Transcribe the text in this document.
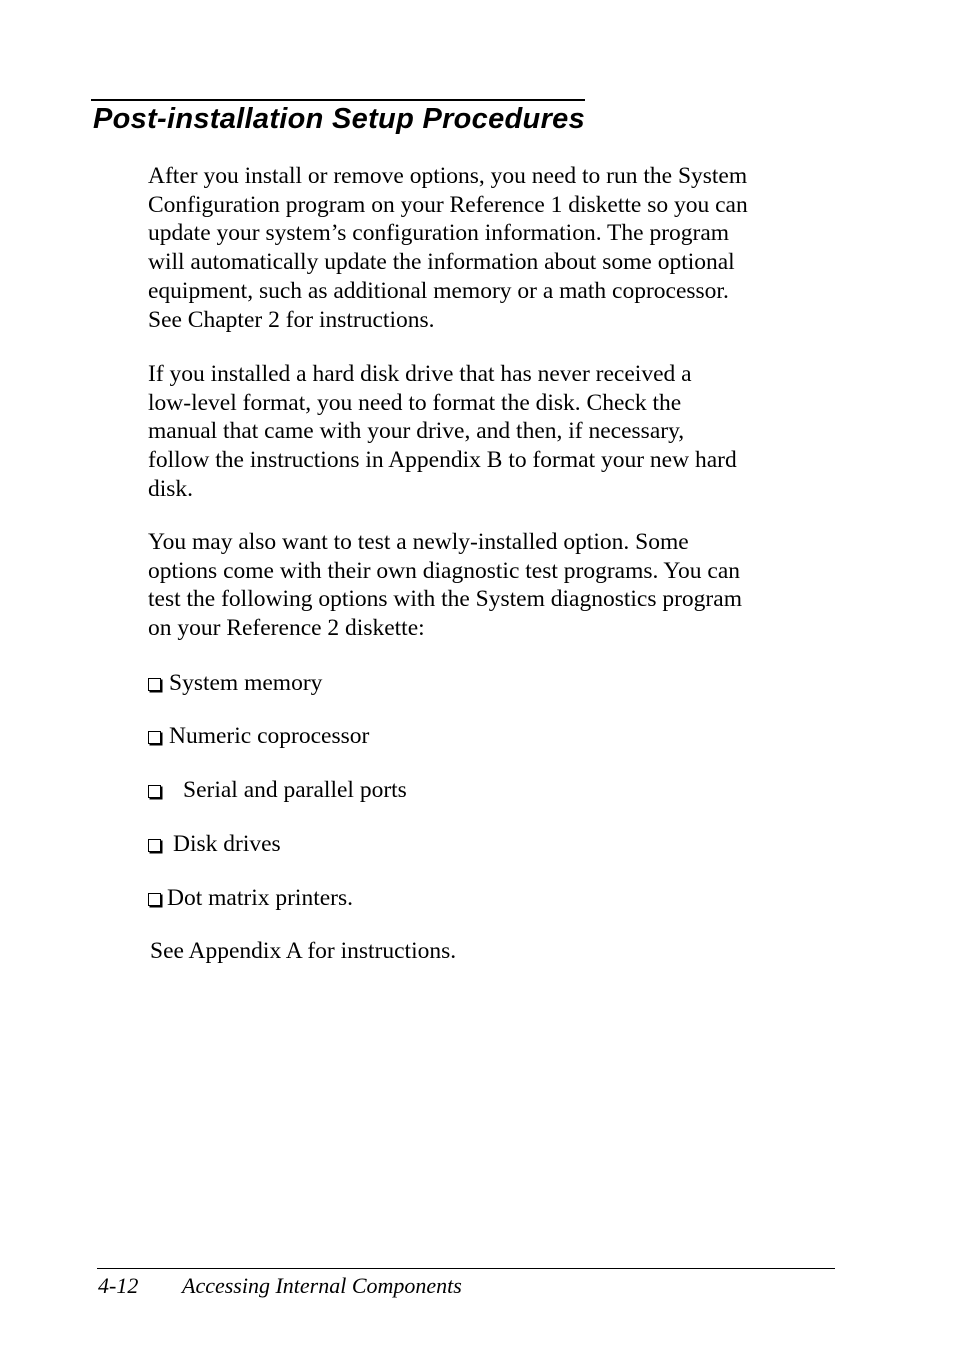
Post-installation Setup Procedures

After you install or remove options, you need to run the System
Configuration program on your Reference 1 diskette so you can
update your system’s configuration information. The program
will automatically update the information about some optional
equipment, such as additional memory or a math coprocessor.
See Chapter 2 for instructions.

If you installed a hard disk drive that has never received a
low-level format, you need to format the disk. Check the
manual that came with your drive, and then, if necessary,
follow the instructions in Appendix B to format your new hard
disk.

You may also want to test a newly-installed option. Some
options come with their own diagnostic test programs. You can
test the following options with the System diagnostics program
on your Reference 2 diskette:

System memory
Numeric coprocessor
Serial and parallel ports
Disk drives
Dot matrix printers.

See Appendix A for instructions.

4-12 Accessing Internal Components
